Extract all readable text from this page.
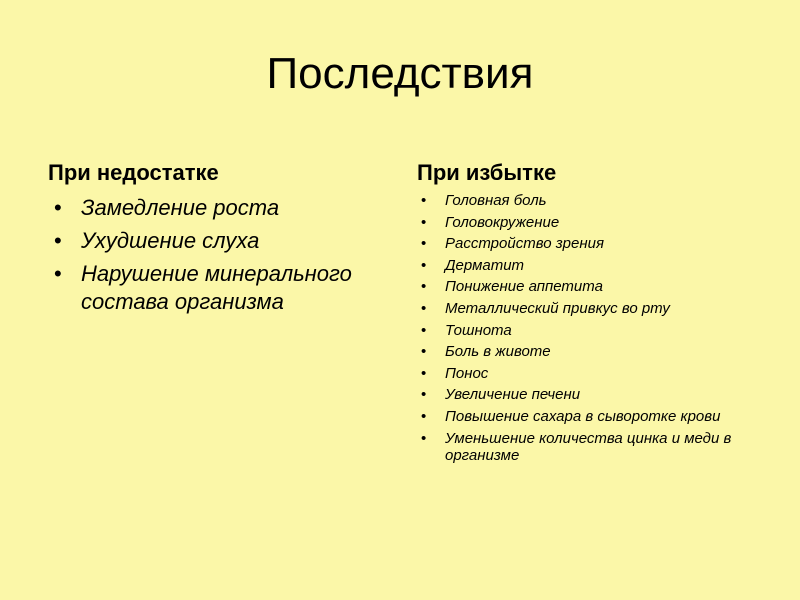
Последствия
При недостатке
• Замедление роста
• Ухудшение слуха
• Нарушение минерального состава организма
При избытке
• Головная боль
• Головокружение
• Расстройство зрения
• Дерматит
• Понижение аппетита
• Металлический привкус во рту
• Тошнота
• Боль в животе
• Понос
• Увеличение печени
• Повышение сахара в сыворотке крови
• Уменьшение количества цинка и меди в организме
